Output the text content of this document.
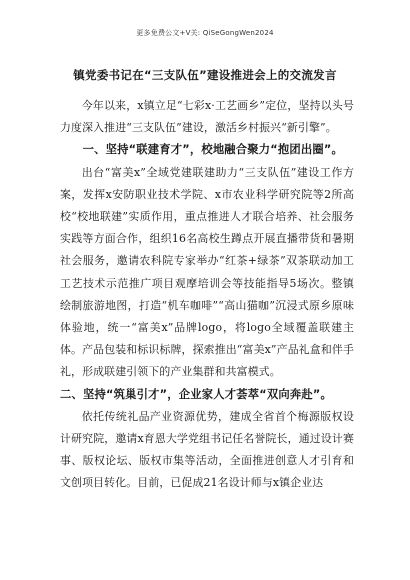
更多免费公文+V关: QiSeGongWen2024
镇党委书记在“三支队伍”建设推进会上的交流发言

今年以来，x镇立足“七彩x·工艺画乡”定位，坚持以头号力度深入推进“三支队伍”建设，激活乡村振兴“新引擎”。

一、坚持“联建育才”，校地融合聚力“抱团出圈”。

出台“富美x”全域党建联建助力“三支队伍”建设工作方案，发挥x安防职业技术学院、x市农业科学研究院等2所高校“校地联建”实质作用，重点推进人才联合培养、社会服务实践等方面合作，组织16名高校生蹲点开展直播带货和暑期社会服务，邀请农科院专家举办“红茶+绿茶”双茶联动加工工艺技术示范推广项目观摩培训会等技能指导5场次。整镇绘制旅游地图，打造“机车咖啡”“高山猫咖”沉浸式原乡原味体验地，统一“富美x”品牌logo，将logo全域覆盖联建主体。产品包装和标识标牌，探索推出“富美x”产品礼盒和伴手礼，形成联建引领下的产业集群和共富模式。

二、坚持“筑巢引才”，企业家人才荟萃“双向奔赴”。

依托传统礼品产业资源优势，建成全省首个梅源版权设计研究院，邀请x育恩大学党组书记任名誉院长，通过设计赛事、版权论坛、版权市集等活动，全面推进创意人才引育和文创项目转化。目前，已促成21名设计师与x镇企业达
